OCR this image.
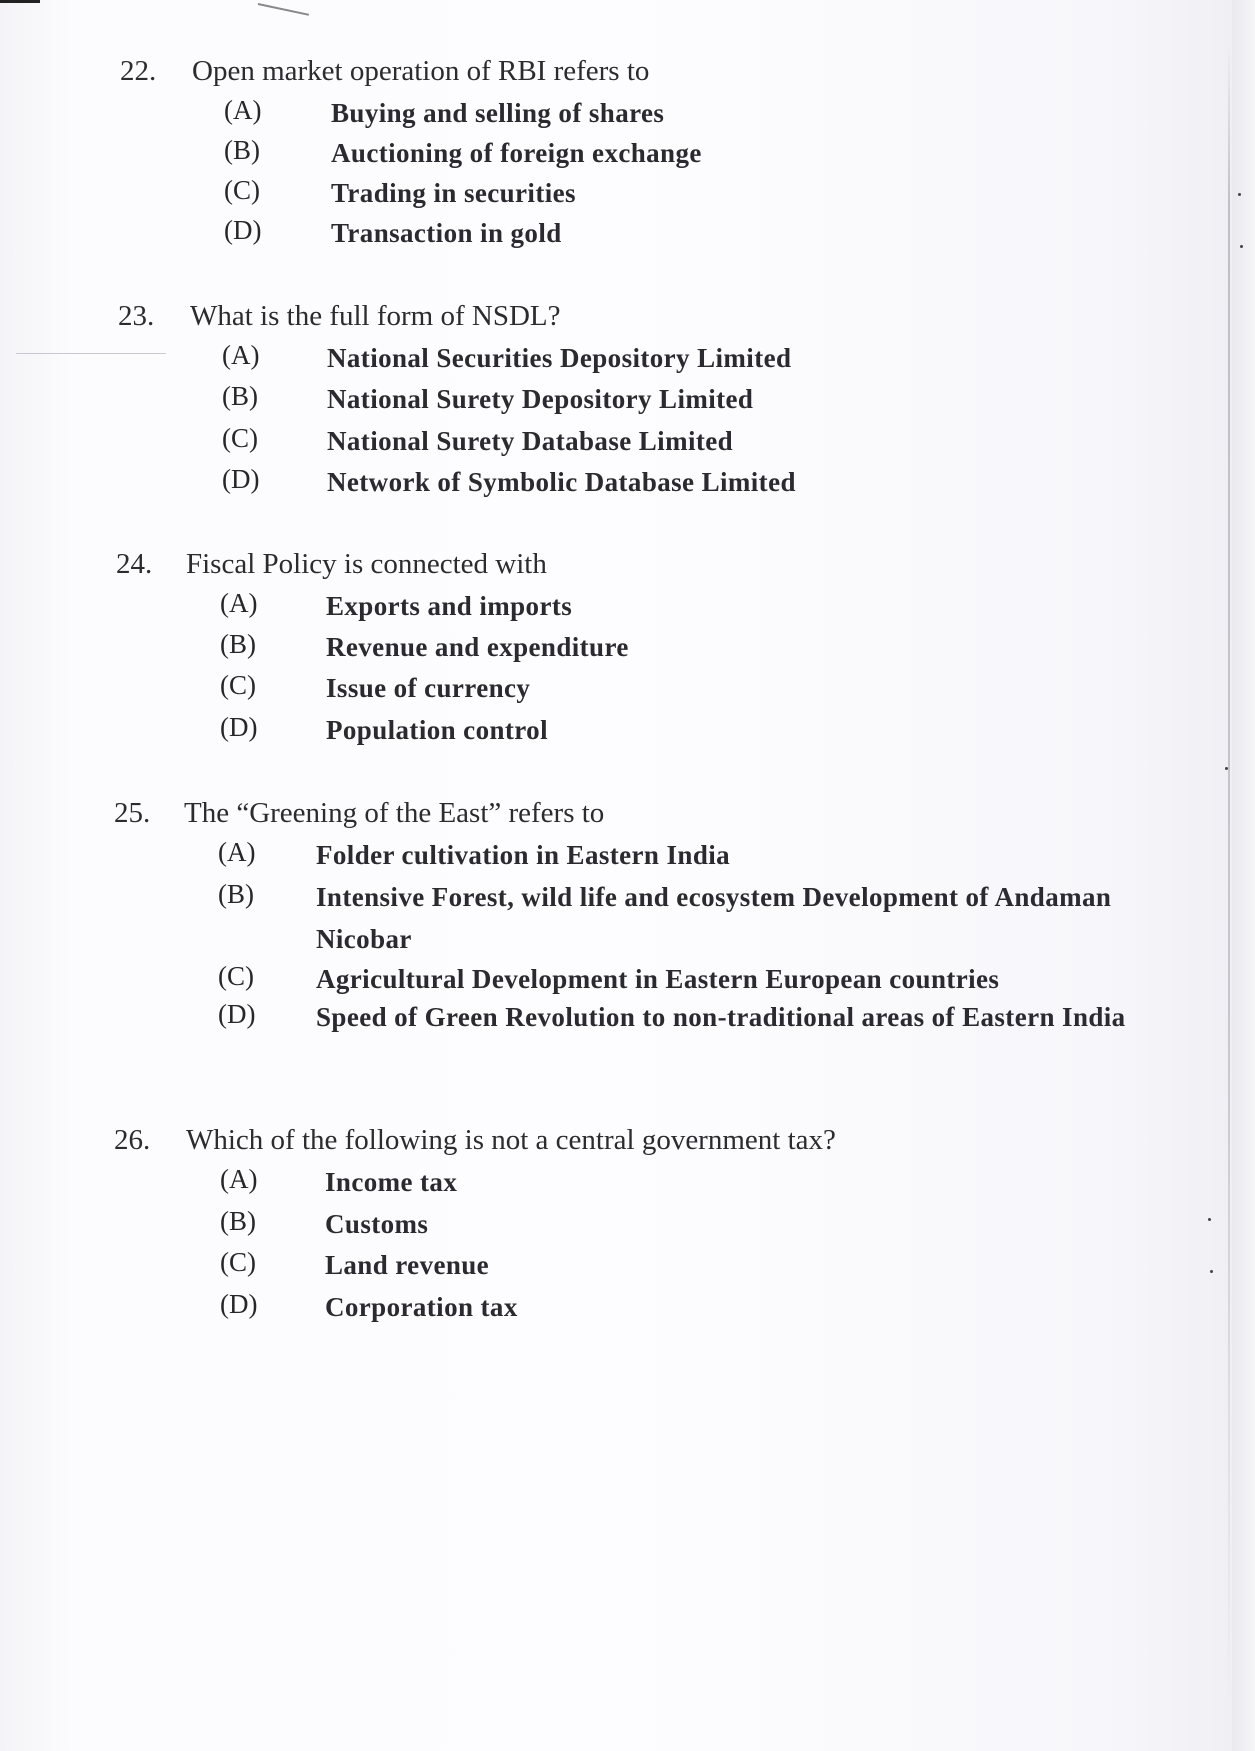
22. Open market operation of RBI refers to
(A)	Buying and selling of shares
(B)	Auctioning of foreign exchange
(C)	Trading in securities
(D)	Transaction in gold
23. What is the full form of NSDL?
(A)	National Securities Depository Limited
(B)	National Surety Depository Limited
(C)	National Surety Database Limited
(D)	Network of Symbolic Database Limited
24. Fiscal Policy is connected with
(A)	Exports and imports
(B)	Revenue and expenditure
(C)	Issue of currency
(D)	Population control
25. The “Greening of the East” refers to
(A) Folder cultivation in Eastern India
(B) Intensive Forest, wild life and ecosystem Development of Andaman Nicobar
(C) Agricultural Development in Eastern European countries
(D) Speed of Green Revolution to non-traditional areas of Eastern India
26. Which of the following is not a central government tax?
(A)	Income tax
(B)	Customs
(C)	Land revenue
(D)	Corporation tax
